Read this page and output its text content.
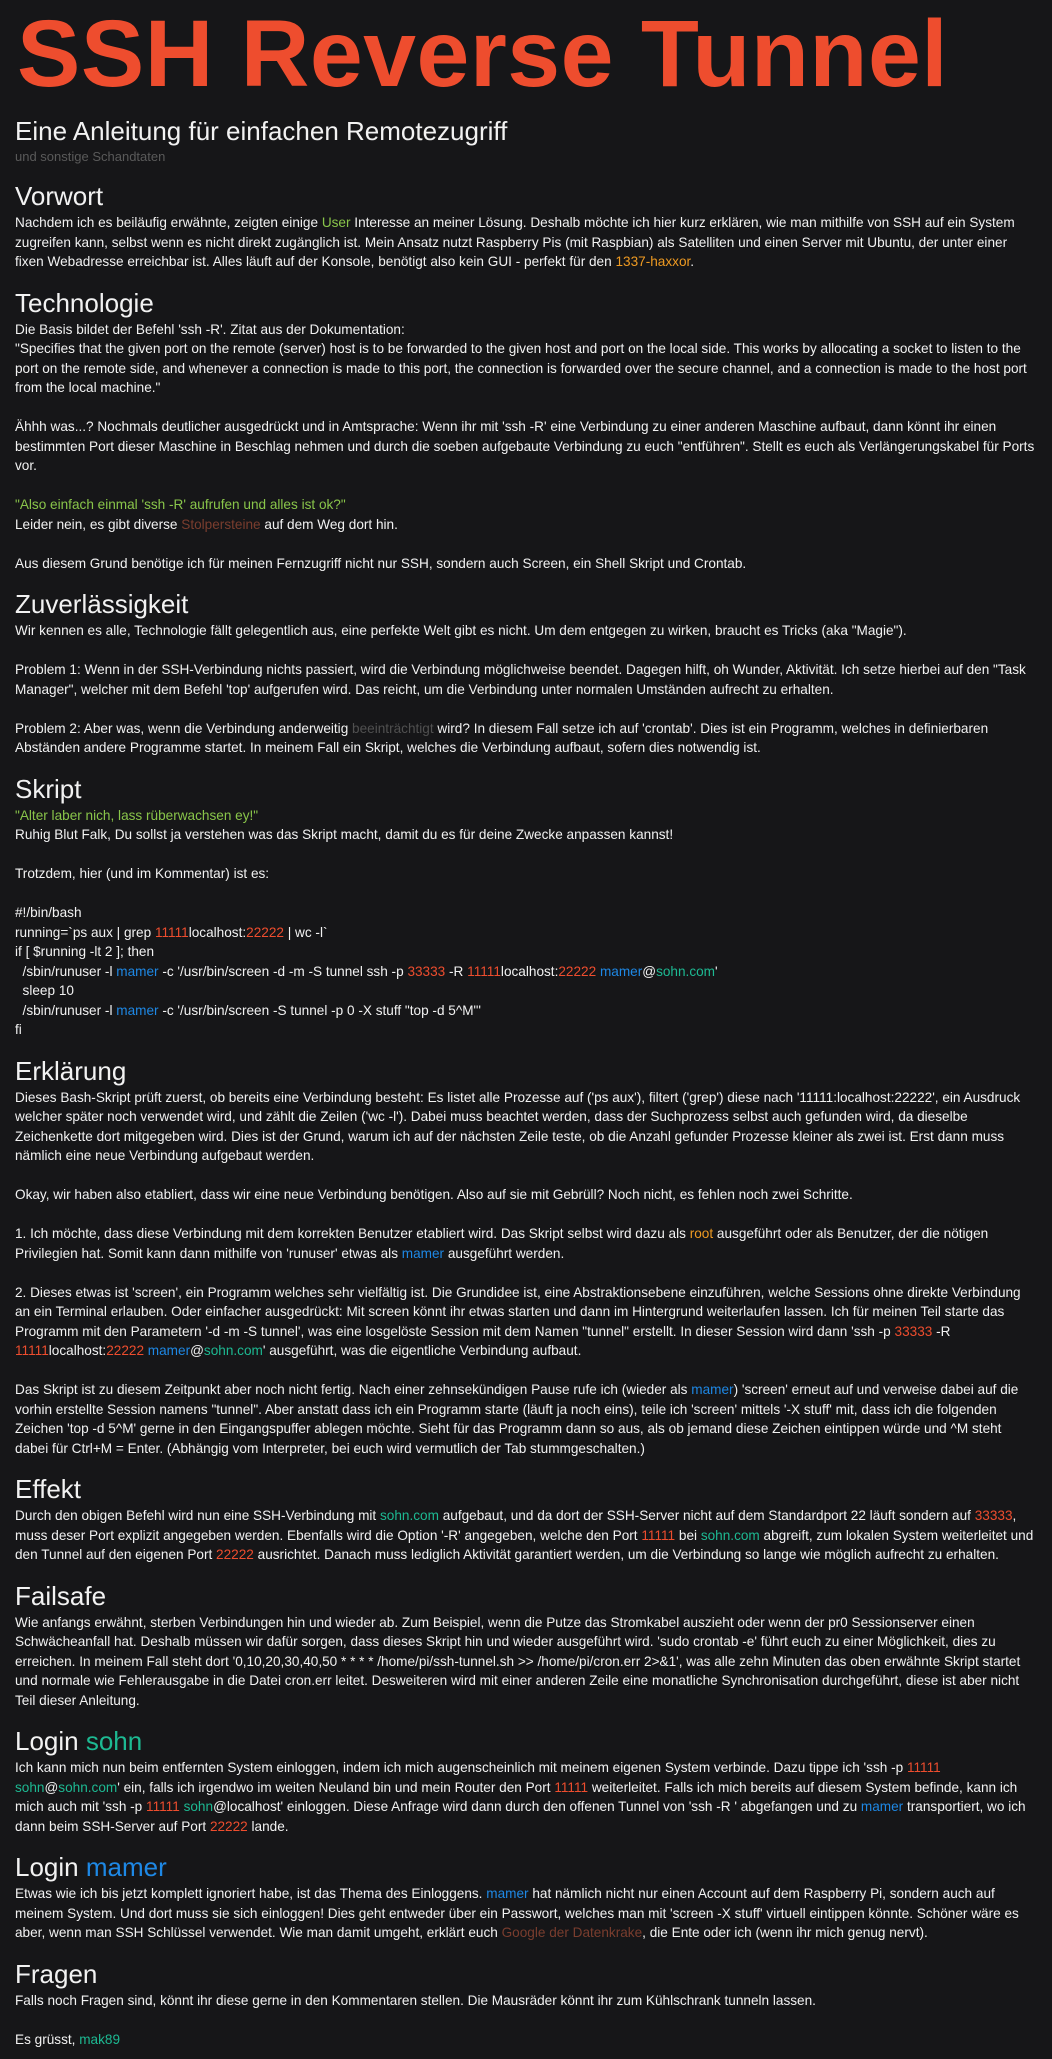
SSH Reverse Tunnel
Eine Anleitung für einfachen Remotezugriff
und sonstige Schandtaten
Vorwort

Nachdem ich es beiläufig erwähnte, zeigten einige User Interesse an meiner Lösung. Deshalb möchte ich hier kurz erklären, wie man mithilfe von SSH auf ein System zugreifen kann, selbst wenn es nicht direkt zugänglich ist. Mein Ansatz nutzt Raspberry Pis (mit Raspbian) als Satelliten und einen Server mit Ubuntu, der unter einer fixen Webadresse erreichbar ist. Alles läuft auf der Konsole, benötigt also kein GUI - perfekt für den 1337-haxxor.

Technologie

Die Basis bildet der Befehl 'ssh -R'. Zitat aus der Dokumentation:

"Specifies that the given port on the remote (server) host is to be forwarded to the given host and port on the local side. This works by allocating a socket to listen to the port on the remote side, and whenever a connection is made to this port, the connection is forwarded over the secure channel, and a connection is made to the host port from the local machine."

Ähhh was...? Nochmals deutlicher ausgedrückt und in Amtsprache: Wenn ihr mit 'ssh -R' eine Verbindung zu einer anderen Maschine aufbaut, dann könnt ihr einen bestimmten Port dieser Maschine in Beschlag nehmen und durch die soeben aufgebaute Verbindung zu euch "entführen". Stellt es euch als Verlängerungskabel für Ports vor.

"Also einfach einmal 'ssh -R' aufrufen und alles ist ok?"

Leider nein, es gibt diverse Stolpersteine auf dem Weg dort hin.

Aus diesem Grund benötige ich für meinen Fernzugriff nicht nur SSH, sondern auch Screen, ein Shell Skript und Crontab.

Zuverlässigkeit

Wir kennen es alle, Technologie fällt gelegentlich aus, eine perfekte Welt gibt es nicht. Um dem entgegen zu wirken, braucht es Tricks (aka "Magie").

Problem 1: Wenn in der SSH-Verbindung nichts passiert, wird die Verbindung möglichweise beendet. Dagegen hilft, oh Wunder, Aktivität. Ich setze hierbei auf den "Task Manager", welcher mit dem Befehl 'top' aufgerufen wird. Das reicht, um die Verbindung unter normalen Umständen aufrecht zu erhalten.

Problem 2: Aber was, wenn die Verbindung anderweitig beeinträchtigt wird? In diesem Fall setze ich auf 'crontab'. Dies ist ein Programm, welches in definierbaren Abständen andere Programme startet. In meinem Fall ein Skript, welches die Verbindung aufbaut, sofern dies notwendig ist.

Skript

"Alter laber nich, lass rüberwachsen ey!"

Ruhig Blut Falk, Du sollst ja verstehen was das Skript macht, damit du es für deine Zwecke anpassen kannst!

Trotzdem, hier (und im Kommentar) ist es:

#!/bin/bash
running=`ps aux | grep 11111localhost:22222 | wc -l`
if [ $running -lt 2 ]; then
/sbin/runuser -l mamer -c '/usr/bin/screen -d -m -S tunnel ssh -p 33333 -R 11111localhost:22222 mamer@sohn.com'
sleep 10
/sbin/runuser -l mamer -c '/usr/bin/screen -S tunnel -p 0 -X stuff "top -d 5^M"'
fi
Erklärung

Dieses Bash-Skript prüft zuerst, ob bereits eine Verbindung besteht: Es listet alle Prozesse auf ('ps aux'), filtert ('grep') diese nach '11111:localhost:22222', ein Ausdruck welcher später noch verwendet wird, und zählt die Zeilen ('wc -l'). Dabei muss beachtet werden, dass der Suchprozess selbst auch gefunden wird, da dieselbe Zeichenkette dort mitgegeben wird. Dies ist der Grund, warum ich auf der nächsten Zeile teste, ob die Anzahl gefunder Prozesse kleiner als zwei ist. Erst dann muss nämlich eine neue Verbindung aufgebaut werden.

Okay, wir haben also etabliert, dass wir eine neue Verbindung benötigen. Also auf sie mit Gebrüll? Noch nicht, es fehlen noch zwei Schritte.

1. Ich möchte, dass diese Verbindung mit dem korrekten Benutzer etabliert wird. Das Skript selbst wird dazu als root ausgeführt oder als Benutzer, der die nötigen Privilegien hat. Somit kann dann mithilfe von 'runuser' etwas als mamer ausgeführt werden.

2. Dieses etwas ist 'screen', ein Programm welches sehr vielfältig ist. Die Grundidee ist, eine Abstraktionsebene einzuführen, welche Sessions ohne direkte Verbindung an ein Terminal erlauben. Oder einfacher ausgedrückt: Mit screen könnt ihr etwas starten und dann im Hintergrund weiterlaufen lassen. Ich für meinen Teil starte das Programm mit den Parametern '-d -m -S tunnel', was eine losgelöste Session mit dem Namen "tunnel" erstellt. In dieser Session wird dann 'ssh -p 33333 -R 11111localhost:22222 mamer@sohn.com' ausgeführt, was die eigentliche Verbindung aufbaut.

Das Skript ist zu diesem Zeitpunkt aber noch nicht fertig. Nach einer zehnsekündigen Pause rufe ich (wieder als mamer) 'screen' erneut auf und verweise dabei auf die vorhin erstellte Session namens "tunnel". Aber anstatt dass ich ein Programm starte (läuft ja noch eins), teile ich 'screen' mittels '-X stuff' mit, dass ich die folgenden Zeichen 'top -d 5^M' gerne in den Eingangspuffer ablegen möchte. Sieht für das Programm dann so aus, als ob jemand diese Zeichen eintippen würde und ^M steht dabei für Ctrl+M = Enter. (Abhängig vom Interpreter, bei euch wird vermutlich der Tab stummgeschalten.)

Effekt

Durch den obigen Befehl wird nun eine SSH-Verbindung mit sohn.com aufgebaut, und da dort der SSH-Server nicht auf dem Standardport 22 läuft sondern auf 33333, muss deser Port explizit angegeben werden. Ebenfalls wird die Option '-R' angegeben, welche den Port 11111 bei sohn.com abgreift, zum lokalen System weiterleitet und den Tunnel auf den eigenen Port 22222 ausrichtet. Danach muss lediglich Aktivität garantiert werden, um die Verbindung so lange wie möglich aufrecht zu erhalten.

Failsafe

Wie anfangs erwähnt, sterben Verbindungen hin und wieder ab. Zum Beispiel, wenn die Putze das Stromkabel auszieht oder wenn der pr0 Sessionserver einen Schwächeanfall hat. Deshalb müssen wir dafür sorgen, dass dieses Skript hin und wieder ausgeführt wird. 'sudo crontab -e' führt euch zu einer Möglichkeit, dies zu erreichen. In meinem Fall steht dort '0,10,20,30,40,50 * * * * /home/pi/ssh-tunnel.sh >> /home/pi/cron.err 2>&1', was alle zehn Minuten das oben erwähnte Skript startet und normale wie Fehlerausgabe in die Datei cron.err leitet. Desweiteren wird mit einer anderen Zeile eine monatliche Synchronisation durchgeführt, diese ist aber nicht Teil dieser Anleitung.

Login sohn

Ich kann mich nun beim entfernten System einloggen, indem ich mich augenscheinlich mit meinem eigenen System verbinde. Dazu tippe ich 'ssh -p 11111 sohn@sohn.com' ein, falls ich irgendwo im weiten Neuland bin und mein Router den Port 11111 weiterleitet. Falls ich mich bereits auf diesem System befinde, kann ich mich auch mit 'ssh -p 11111 sohn@localhost' einloggen. Diese Anfrage wird dann durch den offenen Tunnel von 'ssh -R ' abgefangen und zu mamer transportiert, wo ich dann beim SSH-Server auf Port 22222 lande.

Login mamer

Etwas wie ich bis jetzt komplett ignoriert habe, ist das Thema des Einloggens. mamer hat nämlich nicht nur einen Account auf dem Raspberry Pi, sondern auch auf meinem System. Und dort muss sie sich einloggen! Dies geht entweder über ein Passwort, welches man mit 'screen -X stuff' virtuell eintippen könnte. Schöner wäre es aber, wenn man SSH Schlüssel verwendet. Wie man damit umgeht, erklärt euch Google der Datenkrake, die Ente oder ich (wenn ihr mich genug nervt).

Fragen

Falls noch Fragen sind, könnt ihr diese gerne in den Kommentaren stellen. Die Mausräder könnt ihr zum Kühlschrank tunneln lassen.

Es grüsst, mak89
